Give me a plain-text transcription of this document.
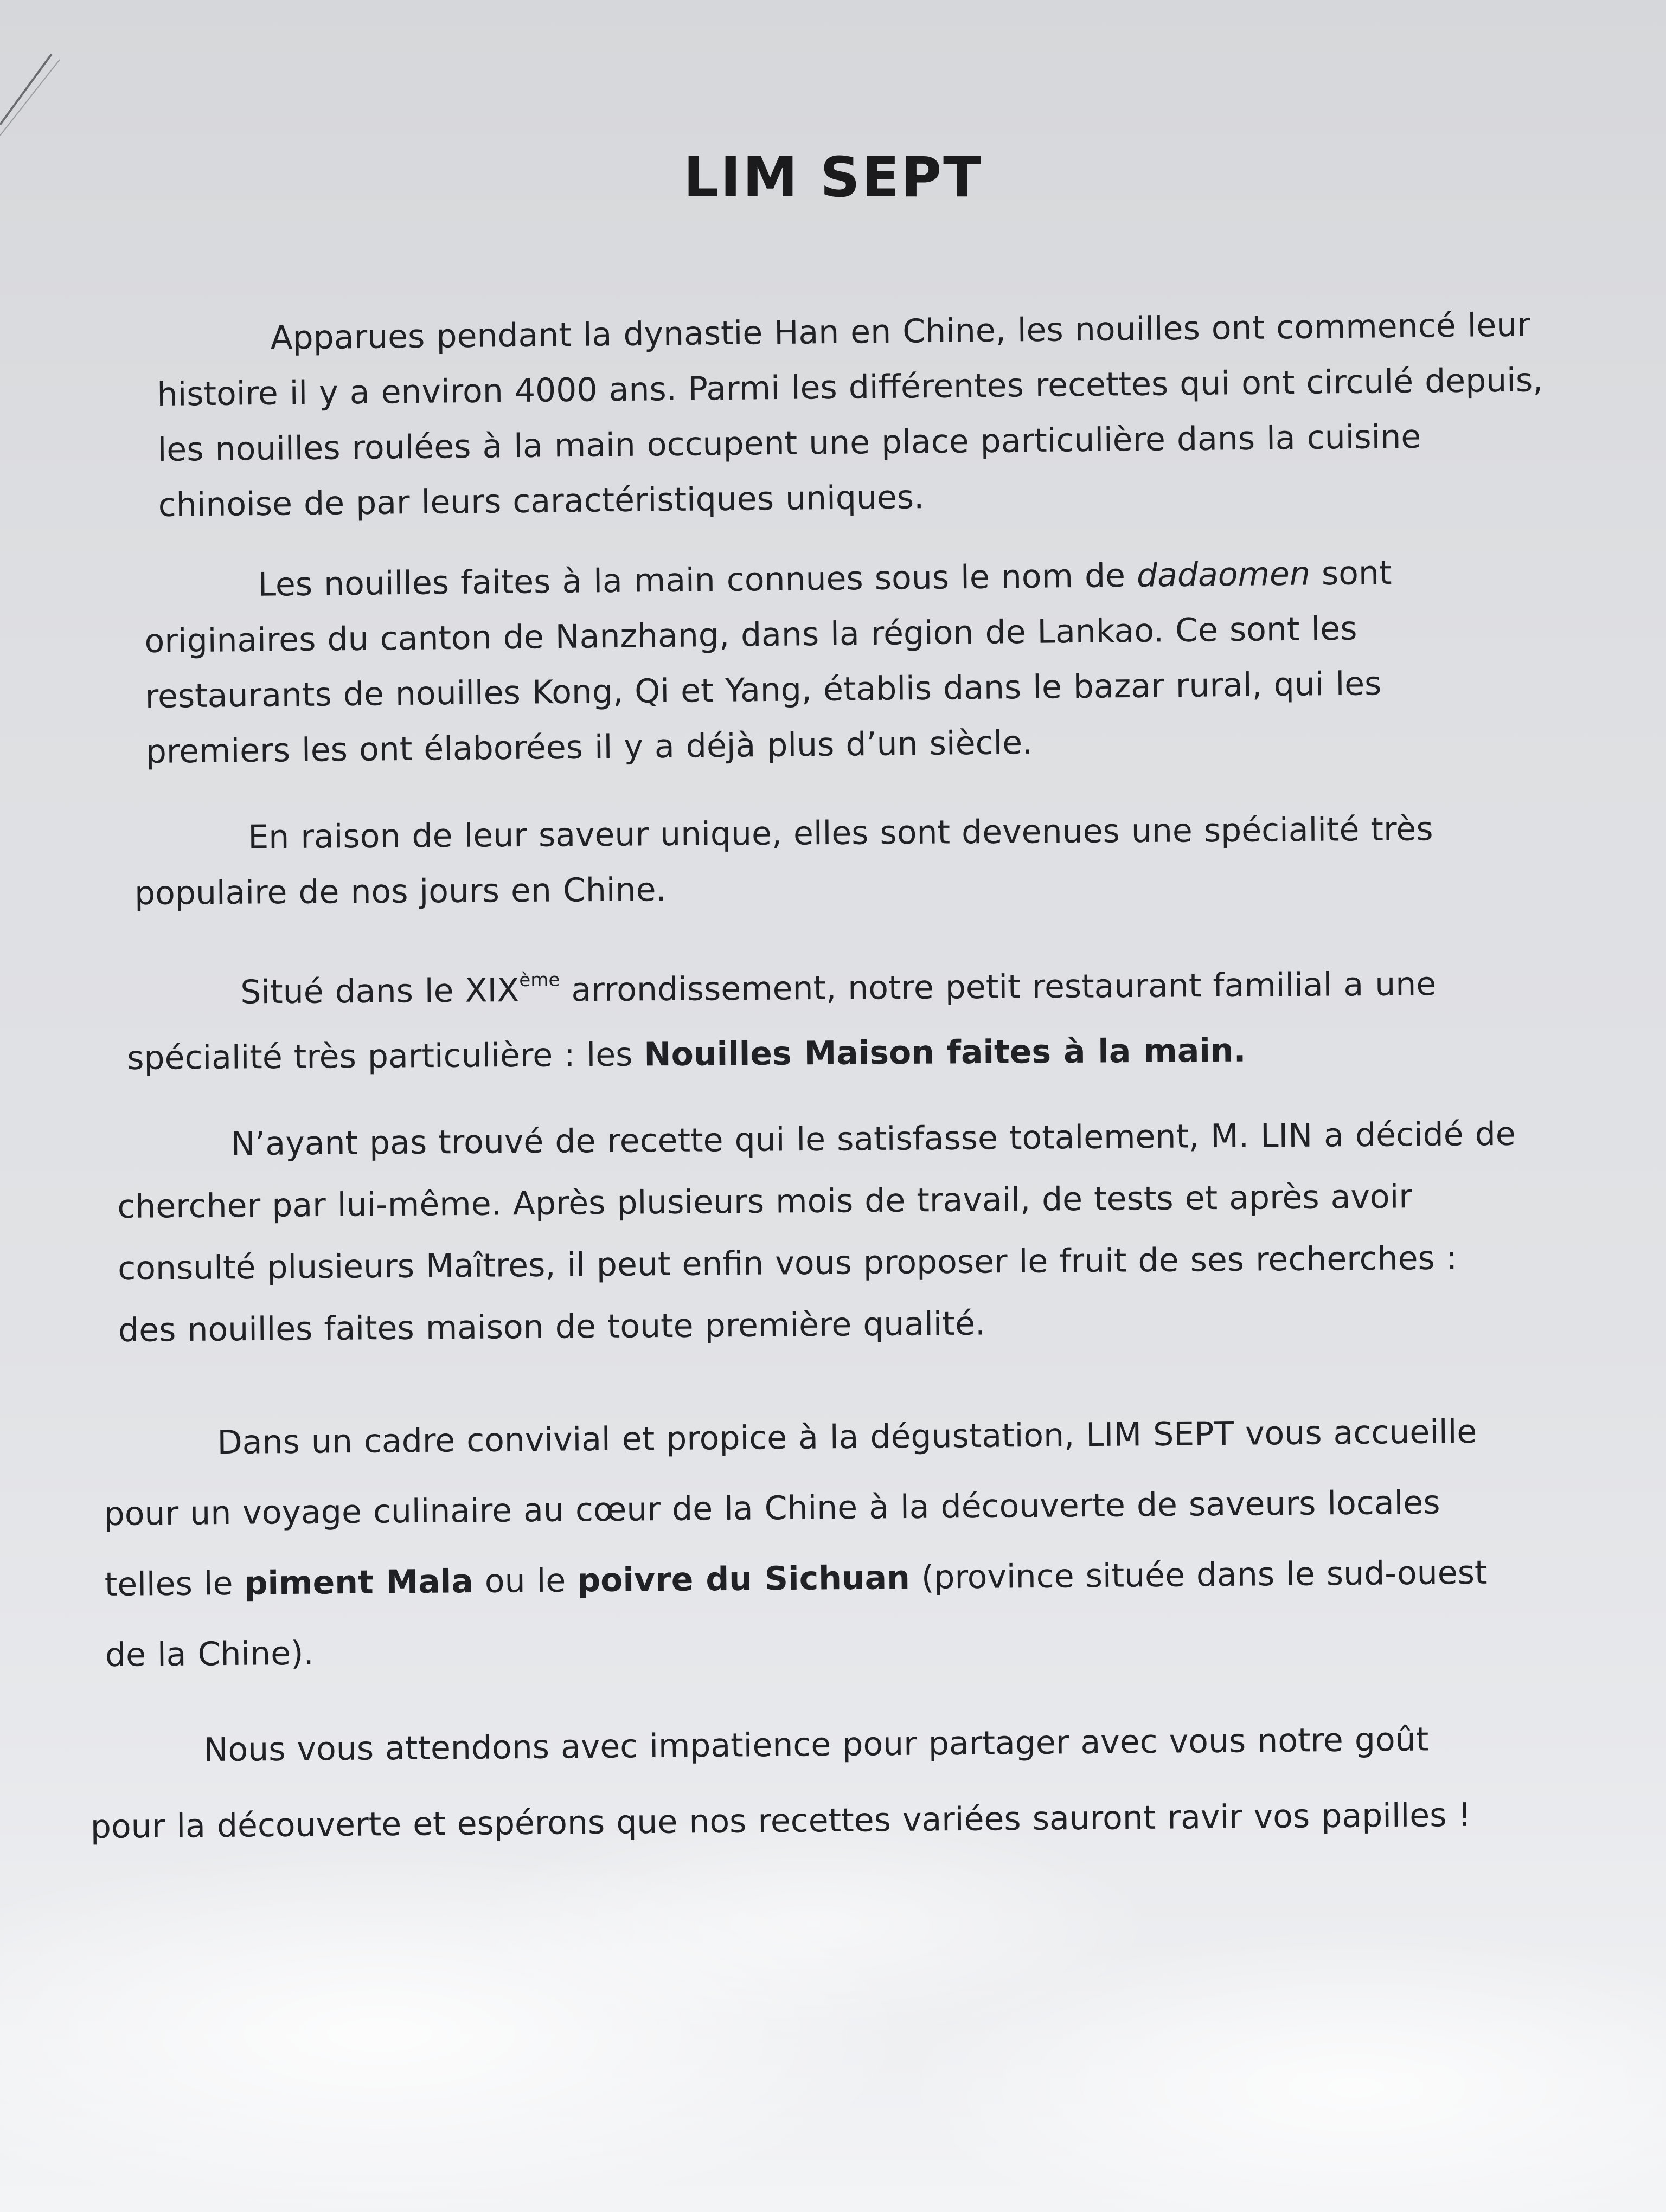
LIM SEPT

Apparues pendant la dynastie Han en Chine, les nouilles ont commencé leur
histoire il y a environ 4000 ans. Parmi les différentes recettes qui ont circulé depuis,
les nouilles roulées à la main occupent une place particulière dans la cuisine
chinoise de par leurs caractéristiques uniques.

Les nouilles faites à la main connues sous le nom de dadaomen sont
originaires du canton de Nanzhang, dans la région de Lankao. Ce sont les
restaurants de nouilles Kong, Qi et Yang, établis dans le bazar rural, qui les
premiers les ont élaborées il y a déjà plus d’un siècle.

En raison de leur saveur unique, elles sont devenues une spécialité très
populaire de nos jours en Chine.

Situé dans le XIXème arrondissement, notre petit restaurant familial a une
spécialité très particulière : les Nouilles Maison faites à la main.

N’ayant pas trouvé de recette qui le satisfasse totalement, M. LIN a décidé de
chercher par lui-même. Après plusieurs mois de travail, de tests et après avoir
consulté plusieurs Maîtres, il peut enfin vous proposer le fruit de ses recherches :
des nouilles faites maison de toute première qualité.

Dans un cadre convivial et propice à la dégustation, LIM SEPT vous accueille
pour un voyage culinaire au cœur de la Chine à la découverte de saveurs locales
telles le piment Mala ou le poivre du Sichuan (province située dans le sud-ouest
de la Chine).

Nous vous attendons avec impatience pour partager avec vous notre goût
pour la découverte et espérons que nos recettes variées sauront ravir vos papilles !
